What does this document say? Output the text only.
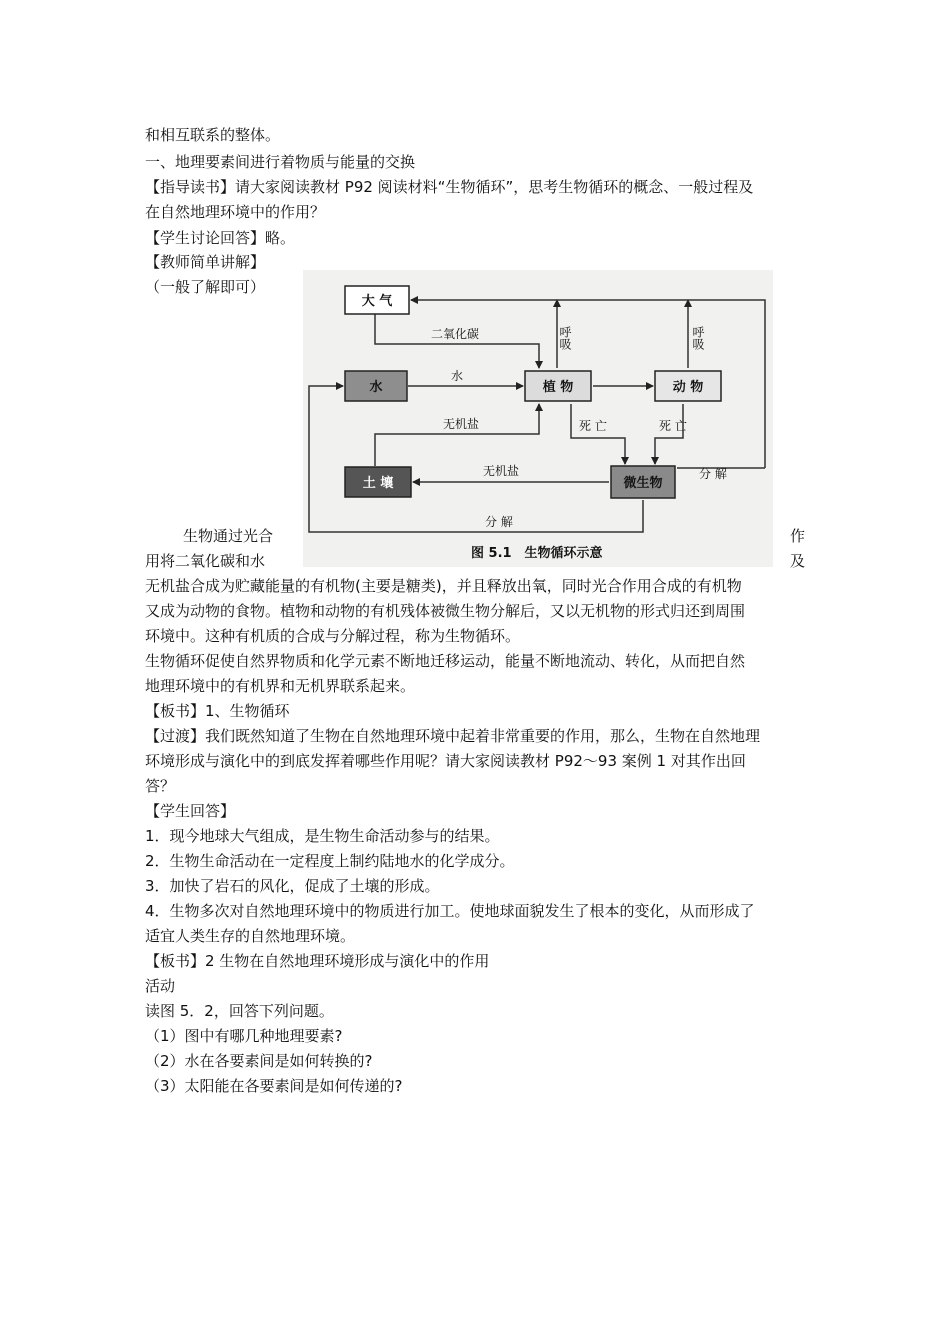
和相互联系的整体。
一、地理要素间进行着物质与能量的交换
【指导读书】请大家阅读教材 P92 阅读材料“生物循环”，思考生物循环的概念、一般过程及
在自然地理环境中的作用？
【学生讨论回答】略。
【教师简单讲解】
（一般了解即可）
大 气
水	植 物	动 物
土 壤	微生物
二氧化碳
水
呼吸	呼吸
无机盐
无机盐
死 亡	死 亡
分 解
分 解
图 5.1　生物循环示意
生物通过光合	作
用将二氧化碳和水	及
无机盐合成为贮藏能量的有机物(主要是糖类)，并且释放出氧，同时光合作用合成的有机物
又成为动物的食物。植物和动物的有机残体被微生物分解后，又以无机物的形式归还到周围
环境中。这种有机质的合成与分解过程，称为生物循环。
生物循环促使自然界物质和化学元素不断地迁移运动，能量不断地流动、转化，从而把自然
地理环境中的有机界和无机界联系起来。
【板书】1、生物循环
【过渡】我们既然知道了生物在自然地理环境中起着非常重要的作用，那么，生物在自然地理
环境形成与演化中的到底发挥着哪些作用呢？请大家阅读教材 P92～93 案例 1 对其作出回
答？
【学生回答】
1．现今地球大气组成，是生物生命活动参与的结果。
2．生物生命活动在一定程度上制约陆地水的化学成分。
3．加快了岩石的风化，促成了土壤的形成。
4．生物多次对自然地理环境中的物质进行加工。使地球面貌发生了根本的变化，从而形成了
适宜人类生存的自然地理环境。
【板书】2 生物在自然地理环境形成与演化中的作用
活动
读图 5．2，回答下列问题。
（1）图中有哪几种地理要素?
（2）水在各要素间是如何转换的?
（3）太阳能在各要素间是如何传递的?
